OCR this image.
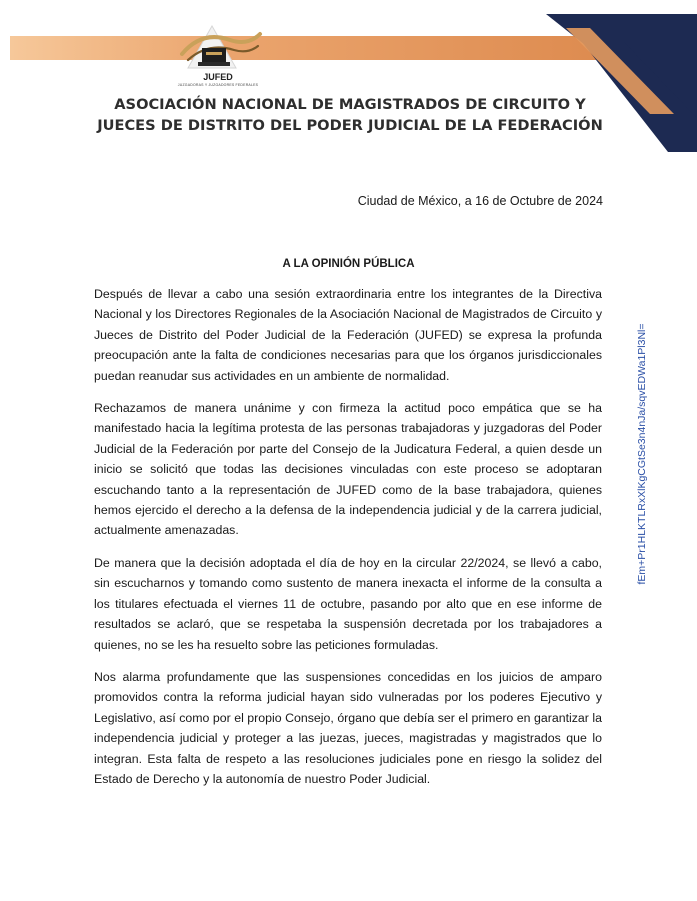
JUFED
JUZGADORAS Y JUZGADORES FEDERALES
ASOCIACIÓN NACIONAL DE MAGISTRADOS DE CIRCUITO Y
JUECES DE DISTRITO DEL PODER JUDICIAL DE LA FEDERACIÓN
Ciudad de México, a 16 de Octubre de 2024
A LA OPINIÓN PÚBLICA

Después de llevar a cabo una sesión extraordinaria entre los integrantes de la Directiva Nacional y los Directores Regionales de la Asociación Nacional de Magistrados de Circuito y Jueces de Distrito del Poder Judicial de la Federación (JUFED) se expresa la profunda preocupación ante la falta de condiciones necesarias para que los órganos jurisdiccionales puedan reanudar sus actividades en un ambiente de normalidad.

Rechazamos de manera unánime y con firmeza la actitud poco empática que se ha manifestado hacia la legítima protesta de las personas trabajadoras y juzgadoras del Poder Judicial de la Federación por parte del Consejo de la Judicatura Federal, a quien desde un inicio se solicitó que todas las decisiones vinculadas con este proceso se adoptaran escuchando tanto a la representación de JUFED como de la base trabajadora, quienes hemos ejercido el derecho a la defensa de la independencia judicial y de la carrera judicial, actualmente amenazadas.

De manera que la decisión adoptada el día de hoy en la circular 22/2024, se llevó a cabo, sin escucharnos y tomando como sustento de manera inexacta el informe de la consulta a los titulares efectuada el viernes 11 de octubre, pasando por alto que en ese informe de resultados se aclaró, que se respetaba la suspensión decretada por los trabajadores a quienes, no se les ha resuelto sobre las peticiones formuladas.

Nos alarma profundamente que las suspensiones concedidas en los juicios de amparo promovidos contra la reforma judicial hayan sido vulneradas por los poderes Ejecutivo y Legislativo, así como por el propio Consejo, órgano que debía ser el primero en garantizar la independencia judicial y proteger a las juezas, jueces, magistradas y magistrados que lo integran. Esta falta de respeto a las resoluciones judiciales pone en riesgo la solidez del Estado de Derecho y la autonomía de nuestro Poder Judicial.

fEm+Pr1HLKTLRxXlKgCGtSe3n4nJa/sqvEDWa1Pl3Nl=
